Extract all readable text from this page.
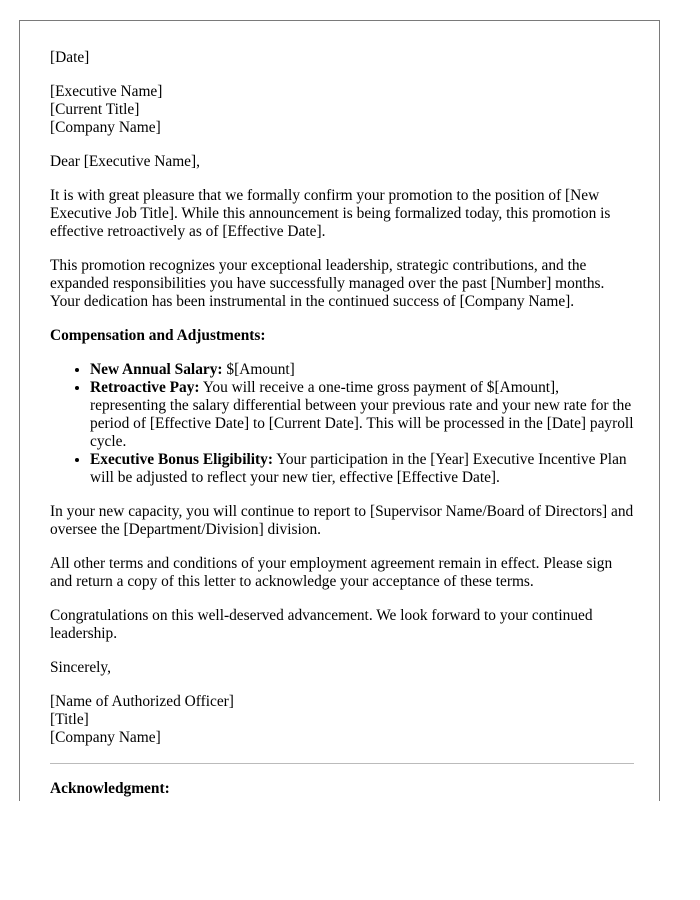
[Date]

[Executive Name]
[Current Title]
[Company Name]

Dear [Executive Name],

It is with great pleasure that we formally confirm your promotion to the position of [New Executive Job Title]. While this announcement is being formalized today, this promotion is effective retroactively as of [Effective Date].

This promotion recognizes your exceptional leadership, strategic contributions, and the expanded responsibilities you have successfully managed over the past [Number] months. Your dedication has been instrumental in the continued success of [Company Name].

Compensation and Adjustments:

• New Annual Salary: $[Amount]
• Retroactive Pay: You will receive a one-time gross payment of $[Amount], representing the salary differential between your previous rate and your new rate for the period of [Effective Date] to [Current Date]. This will be processed in the [Date] payroll cycle.
• Executive Bonus Eligibility: Your participation in the [Year] Executive Incentive Plan will be adjusted to reflect your new tier, effective [Effective Date].

In your new capacity, you will continue to report to [Supervisor Name/Board of Directors] and oversee the [Department/Division] division.

All other terms and conditions of your employment agreement remain in effect. Please sign and return a copy of this letter to acknowledge your acceptance of these terms.

Congratulations on this well-deserved advancement. We look forward to your continued leadership.

Sincerely,

[Name of Authorized Officer]
[Title]
[Company Name]

Acknowledgment:
